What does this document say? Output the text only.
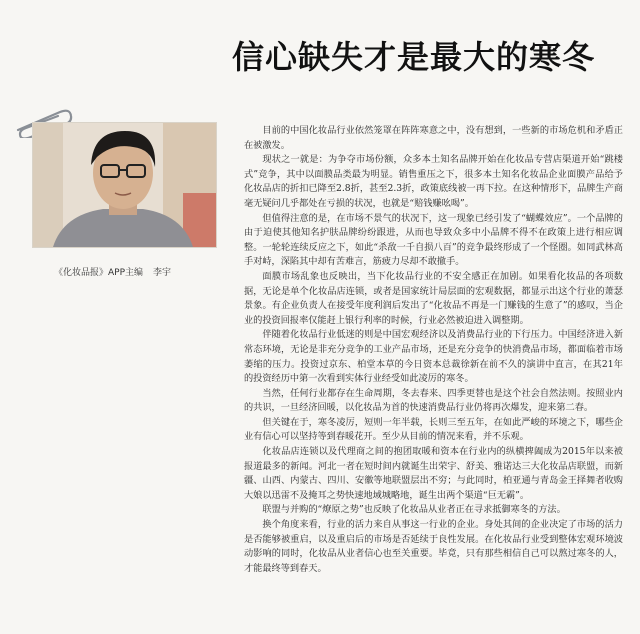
信心缺失才是最大的寒冬
《化妆品报》APP主编 李宇

目前的中国化妆品行业依然笼罩在阵阵寒意之中，没有想到，一些新的市场危机和矛盾正在被激发。

现状之一就是：为争夺市场份额，众多本土知名品牌开始在化妆品专营店渠道开始“跳楼式”竞争，其中以面膜品类最为明显。销售重压之下，很多本土知名化妆品企业面膜产品给予化妆品店的折扣已降至2.8折，甚至2.3折，政策底线被一再下拉。在这种情形下，品牌生产商毫无疑问几乎都处在亏损的状况，也就是“赔钱赚吆喝”。

但值得注意的是，在市场不景气的状况下，这一现象已经引发了“蝴蝶效应”。一个品牌的由于迫使其他知名护肤品牌纷纷跟进，从而也导致众多中小品牌不得不在政策上进行相应调整。一轮轮连续反应之下，如此“杀敌一千自损八百”的竞争最终形成了一个怪圈。如同武林高手对峙，深陷其中却有苦难言，筋疲力尽却不敢撤手。

面膜市场乱象也反映出，当下化妆品行业的不安全感正在加剧。如果看化妆品的各项数据，无论是单个化妆品店连锁，或者是国家统计局层面的宏观数据，都显示出这个行业的萧瑟景象。有企业负责人在接受年度利润后发出了“化妆品不再是一门赚钱的生意了”的感叹，当企业的投资回报率仅能赶上银行利率的时候，行业必然被迫进入调整期。

伴随着化妆品行业低迷的则是中国宏观经济以及消费品行业的下行压力。中国经济进入新常态环境，无论是非充分竞争的工业产品市场，还是充分竞争的快消费品市场，都面临着市场萎缩的压力。投资过京东、柏堂本草的今日资本总裁徐新在前不久的演讲中直言，在其21年的投资经历中第一次看到实体行业经受如此凌厉的寒冬。

当然，任何行业都存在生命周期，冬去春来、四季更替也是这个社会自然法则。按照业内的共识，一旦经济回暖，以化妆品为首的快速消费品行业仍将再次爆发，迎来第二春。

但关键在于，寒冬凌厉，短则一年半载，长则三至五年，在如此严峻的环境之下，哪些企业有信心可以坚持等到春暖花开。至少从目前的情况来看，并不乐观。

化妆品店连锁以及代理商之间的抱团取暖和资本在行业内的纵横捭阖成为2015年以来被报道最多的新闻。河北一者在短时间内就诞生出荣宇、舒美、雅诺达三大化妆品店联盟，而新疆、山西、内蒙古、四川、安徽等地联盟层出不穷；与此同时，柏亚通与青岛金王择舞者收购大娘以迅雷不及掩耳之势快速地域城略地，诞生出两个渠道“巨无霸”。

联盟与并购的“燎原之势”也反映了化妆品从业者正在寻求抵御寒冬的方法。

换个角度来看，行业的活力来自从事这一行业的企业。身处其间的企业决定了市场的活力是否能够被重启，以及重启后的市场是否延续于良性发展。在化妆品行业受到整体宏观环境波动影响的同时，化妆品从业者信心也至关重要。毕竟，只有那些相信自己可以熬过寒冬的人，才能最终等到春天。
